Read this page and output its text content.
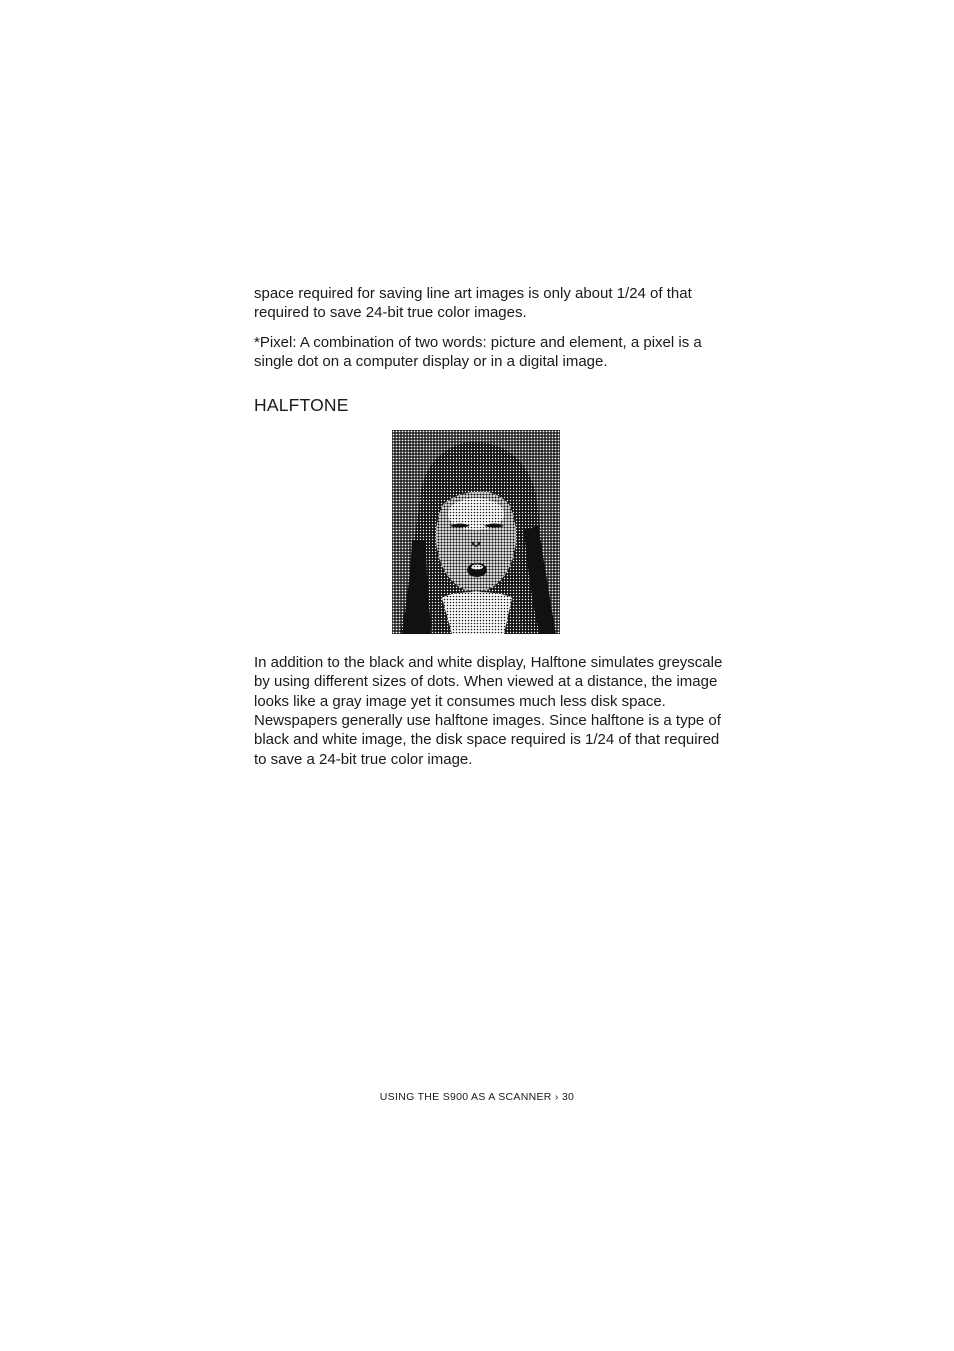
space required for saving line art images is only about 1/24 of that required to save 24-bit true color images.

*Pixel: A combination of two words: picture and element, a pixel is a single dot on a computer display or in a digital image.

HALFTONE

In addition to the black and white display, Halftone simulates greyscale by using different sizes of dots. When viewed at a distance, the image looks like a gray image yet it consumes much less disk space. Newspapers generally use halftone images. Since halftone is a type of black and white image, the disk space required is 1/24 of that required to save a 24-bit true color image.

USING THE S900 AS A SCANNER › 30
